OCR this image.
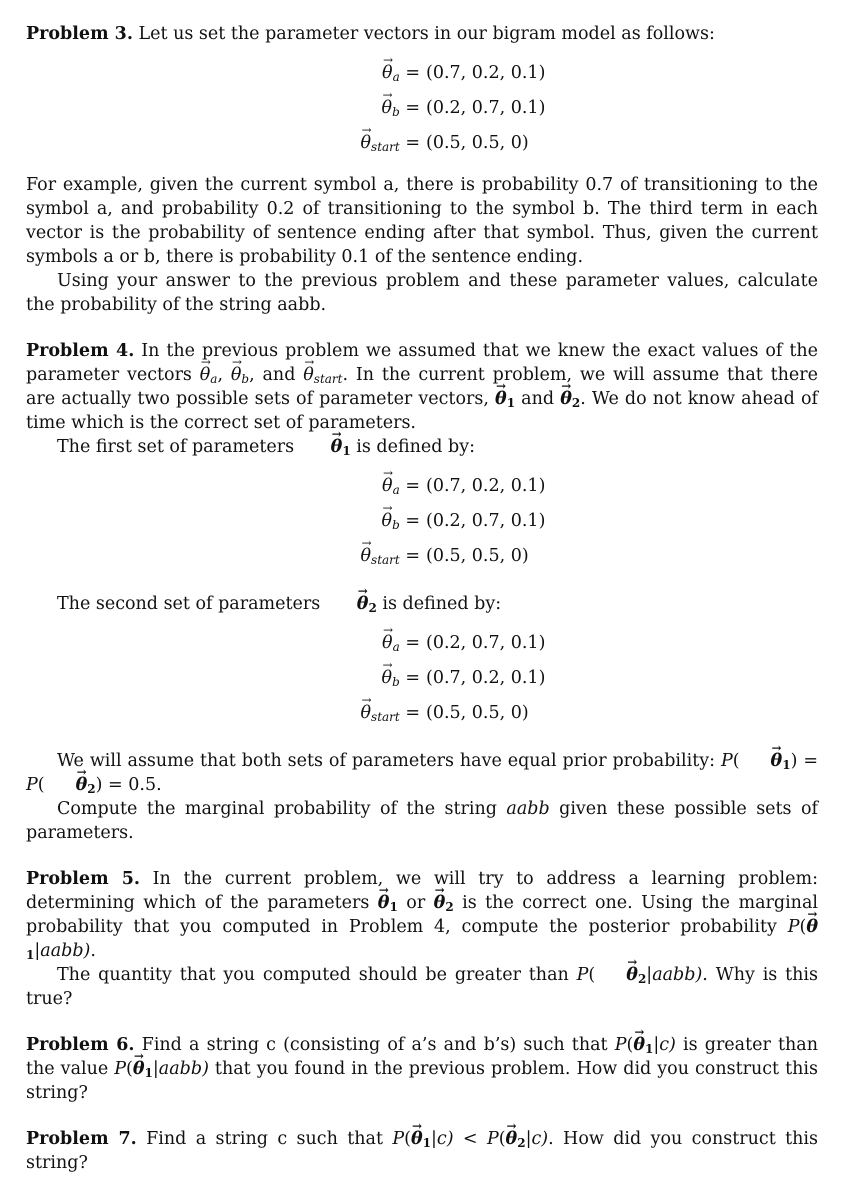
Problem 3. Let us set the parameter vectors in our bigram model as follows:

→ $\theta_a = (0.7$, 0.2, 0.1)
→ $\theta_b = (0.2$, 0.7, 0.1)
→ $\theta_{start} = (0.5$, 0.5, 0)

For example, given the current symbol a, there is probability 0.7 of transitioning to the symbol a, and probability 0.2 of transitioning to the symbol b. The third term in each vector is the probability of sentence ending after that symbol. Thus, given the current symbols a or b, there is probability 0.1 of the sentence ending.

Using your answer to the previous problem and these parameter values, calculate the probability of the string aabb.

Problem 4. In the previous problem we assumed that we knew the exact values of the parameter vectors → $\theta_a$, → $\theta_b$, and → $\theta_{start}$. In the current problem, we will assume that there are actually two possible sets of parameter vectors, → $\theta_1$ and → $\theta_2$. We do not know ahead of time which is the correct set of parameters.

The first set of parameters → $\theta_1$ is defined by:

→ $\theta_a = (0.7$, 0.2, 0.1)
→ $\theta_b = (0.2$, 0.7, 0.1)
→ $\theta_{start} = (0.5$, 0.5, 0)

The second set of parameters → $\theta_2$ is defined by:

→ $\theta_a = (0.2$, 0.7, 0.1)
→ $\theta_b = (0.7$, 0.2, 0.1)
→ $\theta_{start} = (0.5$, 0.5, 0)

We will assume that both sets of parameters have equal prior probability: $P( \to \theta_1) = P( \to \theta_2) = 0.5$.

Compute the marginal probability of the string aabb given these possible sets of parameters.

Problem 5. In the current problem, we will try to address a learning problem: determining which of the parameters → $\theta_1$ or → $\theta_2$ is the correct one. Using the marginal probability that you computed in Problem 4, compute the posterior probability $P(\to \theta_1|aabb)$.

The quantity that you computed should be greater than $P( \to \theta_2|aabb)$. Why is this true?

Problem 6. Find a string c (consisting of a’s and b’s) such that $P(\to \theta_1|c)$ is greater than the value $P(\to \theta_1|aabb)$ that you found in the previous problem. How did you construct this string?

Problem 7. Find a string c such that $P(\to \theta_1|c) < P(\to \theta_2|c)$. How did you construct this string?
